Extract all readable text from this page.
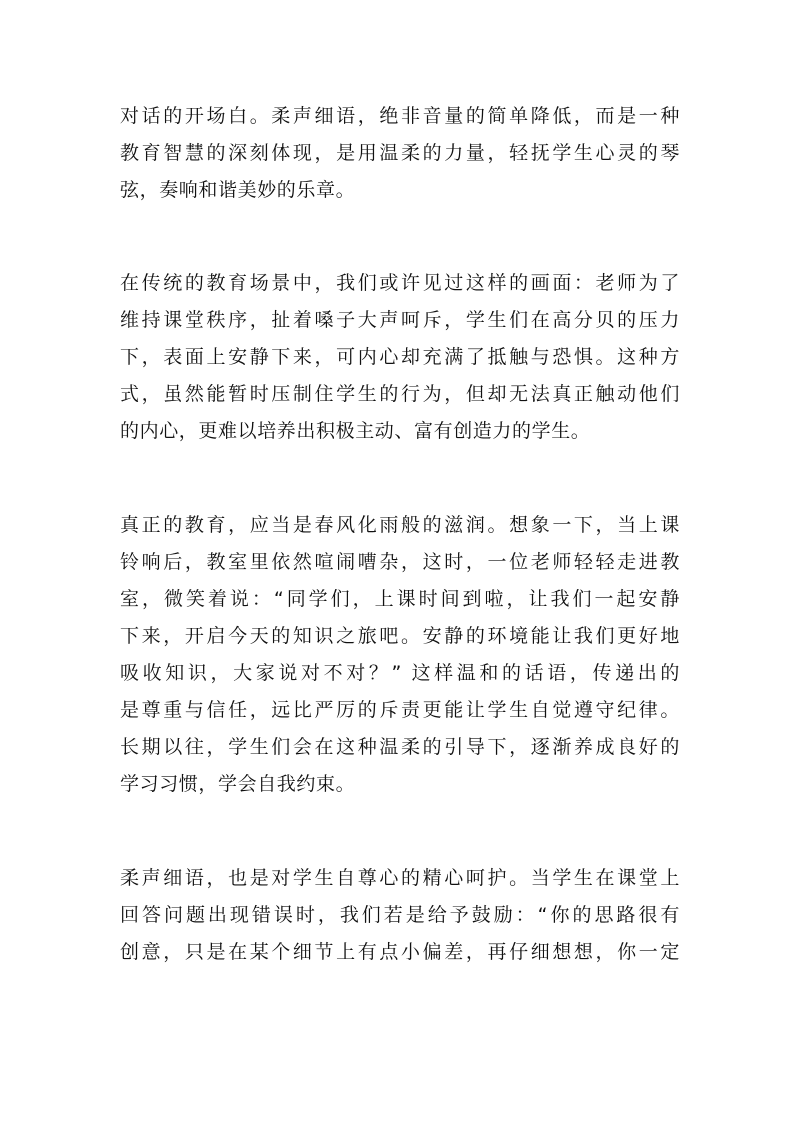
对话的开场白。柔声细语，绝非音量的简单降低，而是一种
教育智慧的深刻体现，是用温柔的力量，轻抚学生心灵的琴
弦，奏响和谐美妙的乐章。
在传统的教育场景中，我们或许见过这样的画面：老师为了
维持课堂秩序，扯着嗓子大声呵斥，学生们在高分贝的压力
下，表面上安静下来，可内心却充满了抵触与恐惧。这种方
式，虽然能暂时压制住学生的行为，但却无法真正触动他们
的内心，更难以培养出积极主动、富有创造力的学生。
真正的教育，应当是春风化雨般的滋润。想象一下，当上课
铃响后，教室里依然喧闹嘈杂，这时，一位老师轻轻走进教
室，微笑着说：“同学们，上课时间到啦，让我们一起安静
下来，开启今天的知识之旅吧。安静的环境能让我们更好地
吸收知识，大家说对不对？” 这样温和的话语，传递出的
是尊重与信任，远比严厉的斥责更能让学生自觉遵守纪律。
长期以往，学生们会在这种温柔的引导下，逐渐养成良好的
学习习惯，学会自我约束。
柔声细语，也是对学生自尊心的精心呵护。当学生在课堂上
回答问题出现错误时，我们若是给予鼓励：“你的思路很有
创意，只是在某个细节上有点小偏差，再仔细想想，你一定
